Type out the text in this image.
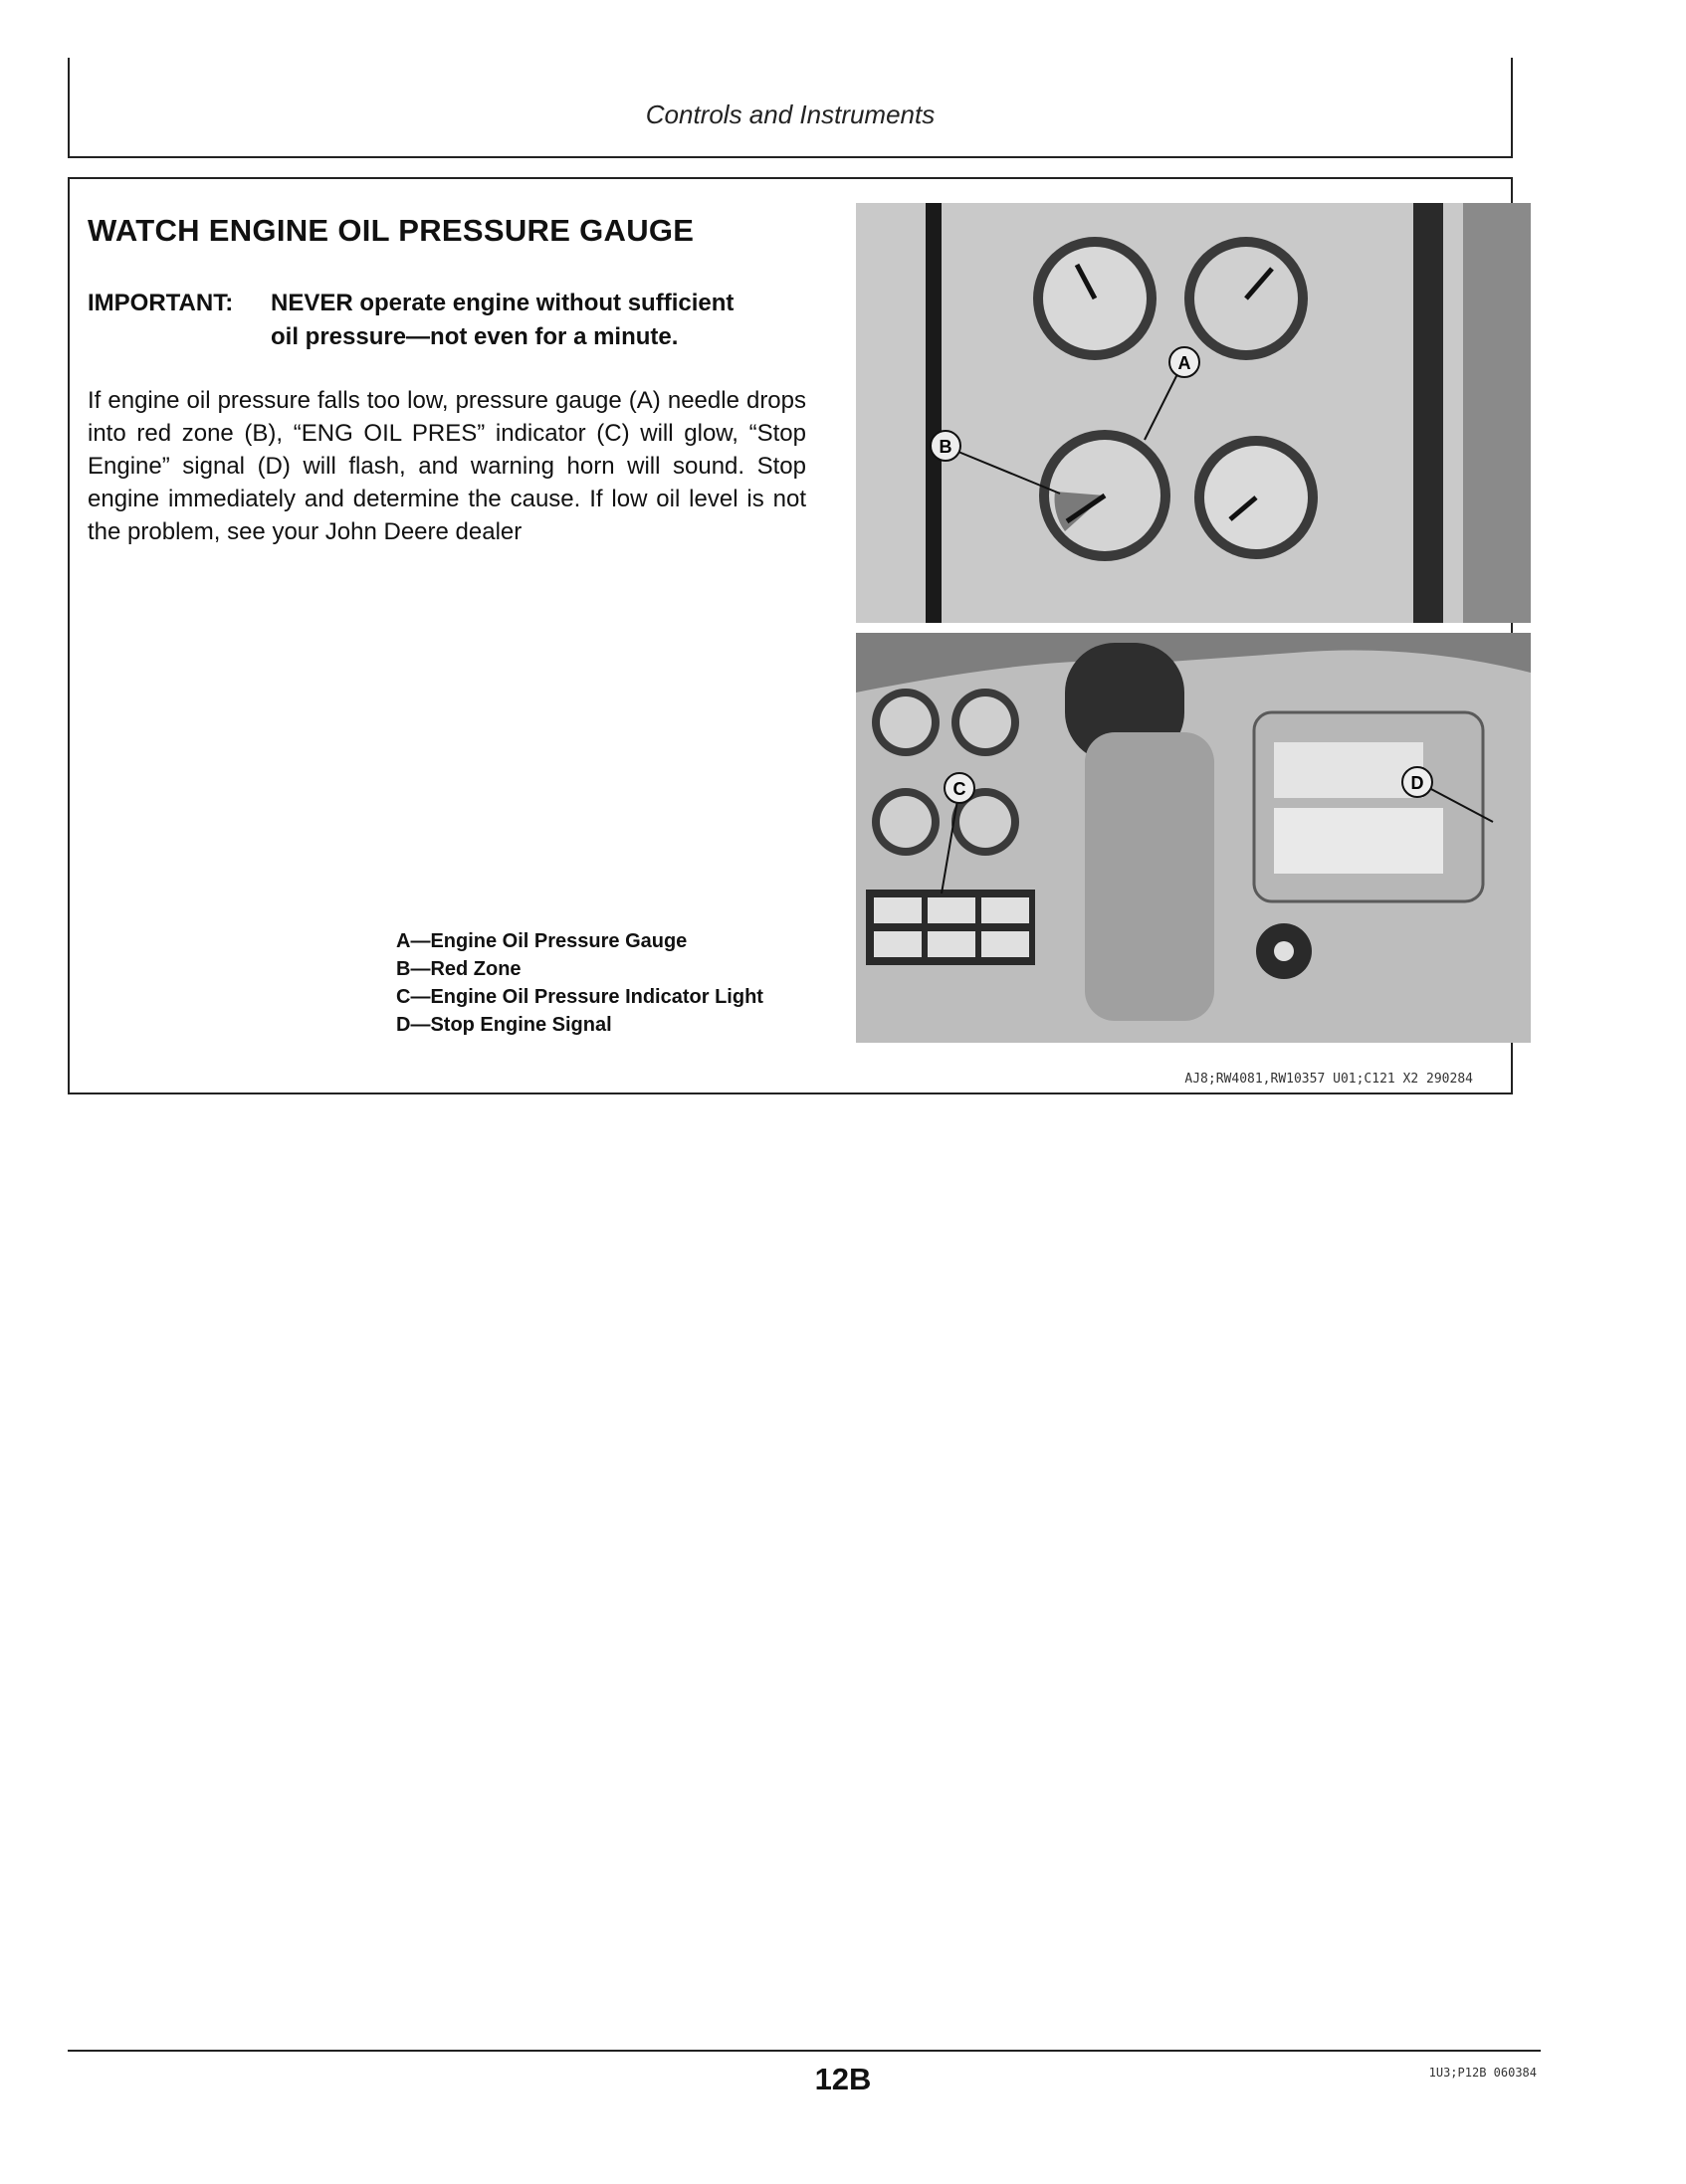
Controls and Instruments
WATCH ENGINE OIL PRESSURE GAUGE
IMPORTANT: NEVER operate engine without sufficient
oil pressure—not even for a minute.
If engine oil pressure falls too low, pressure gauge (A) needle drops into red zone (B), “ENG OIL PRES” indicator (C) will glow, “Stop Engine” signal (D) will flash, and warning horn will sound. Stop engine immediately and determine the cause. If low oil level is not the problem, see your John Deere dealer
A—Engine Oil Pressure Gauge
B—Red Zone
C—Engine Oil Pressure Indicator Light
D—Stop Engine Signal
A
B
C	D
AJ8;RW4081,RW10357 U01;C121 X2 290284
12B	1U3;P12B 060384
